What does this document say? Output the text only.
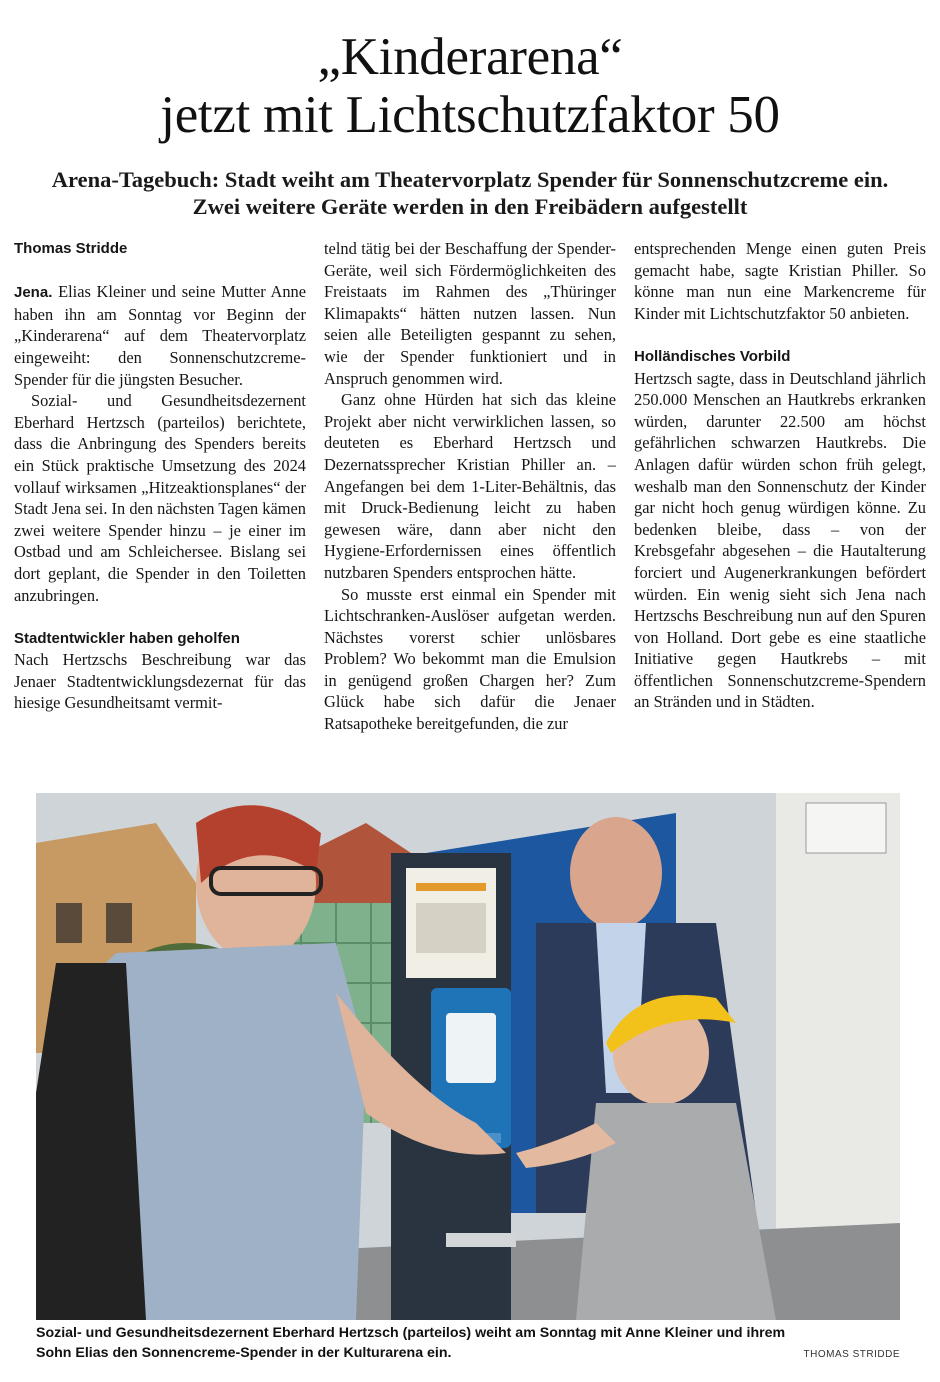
„Kinderarena“
jetzt mit Lichtschutzfaktor 50
Arena-Tagebuch: Stadt weiht am Theatervorplatz Spender für Sonnenschutzcreme ein.
Zwei weitere Geräte werden in den Freibädern aufgestellt
Thomas Stridde

Jena. Elias Kleiner und seine Mutter Anne haben ihn am Sonntag vor Beginn der „Kinderarena“ auf dem Theatervorplatz eingeweiht: den Sonnenschutzcreme-Spender für die jüngsten Besucher.

Sozial- und Gesundheitsdezernent Eberhard Hertzsch (parteilos) berichtete, dass die Anbringung des Spenders bereits ein Stück praktische Umsetzung des 2024 vollauf wirksamen „Hitzeaktionsplanes“ der Stadt Jena sei. In den nächsten Tagen kämen zwei weitere Spender hinzu – je einer im Ostbad und am Schleichersee. Bislang sei dort geplant, die Spender in den Toiletten anzubringen.

Stadtentwickler haben geholfen

Nach Hertzschs Beschreibung war das Jenaer Stadtentwicklungsdezernat für das hiesige Gesundheitsamt vermit-

telnd tätig bei der Beschaffung der Spender-Geräte, weil sich Fördermöglichkeiten des Freistaats im Rahmen des „Thüringer Klimapakts“ hätten nutzen lassen. Nun seien alle Beteiligten gespannt zu sehen, wie der Spender funktioniert und in Anspruch genommen wird.

Ganz ohne Hürden hat sich das kleine Projekt aber nicht verwirklichen lassen, so deuteten es Eberhard Hertzsch und Dezernatssprecher Kristian Philler an. – Angefangen bei dem 1-Liter-Behältnis, das mit Druck-Bedienung leicht zu haben gewesen wäre, dann aber nicht den Hygiene-Erfordernissen eines öffentlich nutzbaren Spenders entsprochen hätte.

So musste erst einmal ein Spender mit Lichtschranken-Auslöser aufgetan werden. Nächstes vorerst schier unlösbares Problem? Wo bekommt man die Emulsion in genügend großen Chargen her? Zum Glück habe sich dafür die Jenaer Ratsapotheke bereitgefunden, die zur

entsprechenden Menge einen guten Preis gemacht habe, sagte Kristian Philler. So könne man nun eine Markencreme für Kinder mit Lichtschutzfaktor 50 anbieten.

Holländisches Vorbild

Hertzsch sagte, dass in Deutschland jährlich 250.000 Menschen an Hautkrebs erkranken würden, darunter 22.500 am höchst gefährlichen schwarzen Hautkrebs. Die Anlagen dafür würden schon früh gelegt, weshalb man den Sonnenschutz der Kinder gar nicht hoch genug würdigen könne. Zu bedenken bleibe, dass – von der Krebsgefahr abgesehen – die Hautalterung forciert und Augenerkrankungen befördert würden. Ein wenig sieht sich Jena nach Hertzschs Beschreibung nun auf den Spuren von Holland. Dort gebe es eine staatliche Initiative gegen Hautkrebs – mit öffentlichen Sonnenschutzcreme-Spendern an Stränden und in Städten.

Sozial- und Gesundheitsdezernent Eberhard Hertzsch (parteilos) weiht am Sonntag mit Anne Kleiner und ihrem
Sohn Elias den Sonnencreme-Spender in der Kulturarena ein.	THOMAS STRIDDE
